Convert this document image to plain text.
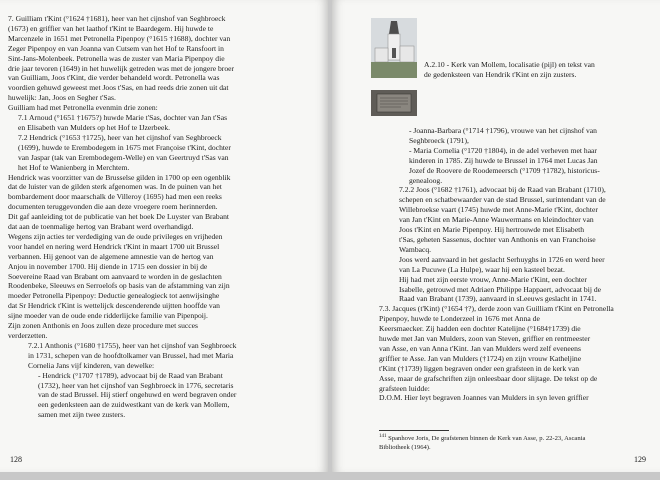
7. Guilliam t'Kint (°1624 †1681), heer van het cijnshof van Seghbroeck
(1673) en griffier van het laathof t'Kint te Baardegem. Hij huwde te
Marcenzele in 1651 met Petronella Pipenpoy (°1615 †1688), dochter van
Zeger Pipenpoy en van Joanna van Cutsem van het Hof te Ransfoort in
Sint-Jans-Molenbeek. Petronella was de zuster van Maria Pipenpoy die
drie jaar tevoren (1649) in het huwelijk getreden was met de jongere broer
van Guilliam, Joos t'Kint, die verder behandeld wordt. Petronella was
voordien gehuwd geweest met Joos t'Sas, en had reeds drie zonen uit dat
huwelijk: Jan, Joos en Segher t'Sas.
Guilliam had met Petronella evenmin drie zonen:

7.1 Arnoud (°1651 †1675?) huwde Marie t'Sas, dochter van Jan t'Sas
en Elisabeth van Mulders op het Hof te IJzerbeek.

7.2 Hendrick (°1653 †1725), heer van het cijnshof van Seghbroeck
(1699), huwde te Erembodegem in 1675 met Françoise t'Kint, dochter
van Jaspar (tak van Erembodegem-Welle) en van Geertruyd t'Sas van
het Hof te Wanienberg in Merchtem.

Hendrick was voorzitter van de Brusselse gilden in 1700 op een ogenblik
dat de luister van de gilden sterk afgenomen was. In de puinen van het
bombardement door maarschalk de Villeroy (1695) had men een reeks
documenten teruggevonden die aan deze vroegere roem herinnerden.
Dit gaf aanleiding tot de publicatie van het boek De Luyster van Brabant
dat aan de toenmalige hertog van Brabant werd overhandigd.
Wegens zijn acties ter verdediging van de oude privileges en vrijheden
voor handel en nering werd Hendrick t'Kint in maart 1700 uit Brussel
verbannen. Hij genoot van de algemene amnestie van de hertog van
Anjou in november 1700. Hij diende in 1715 een dossier in bij de
Soevereine Raad van Brabant om aanvaard te worden in de geslachten
Roodenbeke, Sleeuws en Serroelofs op basis van de afstamming van zijn
moeder Petronella Pipenpoy: Deductie genealogieck tot aenwijsinghe
dat Sr Hendrick t'Kint is wettelijck descenderende uijtten hooffde van
sijne moeder van de oude ende ridderlijcke familie van Pipenpoij.
Zijn zonen Anthonis en Joos zullen deze procedure met succes
verderzetten.

7.2.1 Anthonis (°1680 †1755), heer van het cijnshof van Seghbroeck
in 1731, schepen van de hoofdtolkamer van Brussel, had met Maria
Cornelia Jans vijf kinderen, van dewelke:

- Hendrick (°1707 †1789), advocaat bij de Raad van Brabant
(1732), heer van het cijnshof van Seghbroeck in 1776, secretaris
van de stad Brussel. Hij stierf ongehuwd en werd begraven onder
een gedenksteen aan de zuidwestkant van de kerk van Mollem,
samen met zijn twee zusters.

128
A.2.10 - Kerk van Mollem, localisatie (pijl) en tekst van
de gedenksteen van Hendrik t'Kint en zijn zusters.

- Joanna-Barbara (°1714 †1796), vrouwe van het cijnshof van
Seghbroeck (1791),

- Maria Cornelia (°1720 †1804), in de adel verheven met haar
kinderen in 1785. Zij huwde te Brussel in 1764 met Lucas Jan
Jozef de Roovere de Roodemeersch (°1709 †1782), historicus-
genealoog.

7.2.2 Joos (°1682 †1761), advocaat bij de Raad van Brabant (1710),
schepen en schatbewaarder van de stad Brussel, surintendant van de
Willebroekse vaart (1745) huwde met Anne-Marie t'Kint, dochter
van Jan t'Kint en Marie-Anne Wauwermans en kleindochter van
Joos t'Kint en Marie Pipenpoy. Hij hertrouwde met Elisabeth
t'Sas, geheten Sassenus, dochter van Anthonis en van Franchoise
Wambacq.
Joos werd aanvaard in het geslacht Serhuyghs in 1726 en werd heer
van La Pucuwe (La Hulpe), waar hij een kasteel bezat.
Hij had met zijn eerste vrouw, Anne-Marie t'Kint, een dochter
Isabelle, getrouwd met Adriaen Philippe Happaert, advocaat bij de
Raad van Brabant (1739), aanvaard in sLeeuws geslacht in 1741.

7.3. Jacques (t'Kint) (°1654 †?), derde zoon van Guilliam t'Kint en Petronella
Pipenpoy, huwde te Londerzeel in 1676 met Anna de
Keersmaecker. Zij hadden een dochter Katelijne (°1684†1739) die
huwde met Jan van Mulders, zoon van Steven, griffier en rentmeester
van Asse, en van Anna t'Kint. Jan van Mulders werd zelf eveneens
griffier te Asse. Jan van Mulders (†1724) en zijn vrouw Katheljine
t'Kint (†1739) liggen begraven onder een grafsteen in de kerk van
Asse, maar de grafschriften zijn onleesbaar door slijtage. De tekst op de
grafsteen luidde:
D.O.M. Hier leyt begraven Joannes van Mulders in syn leven griffier

$^{141}$ Spanhove Joris, De grafstenen binnen de Kerk van Asse, p. 22-23, Ascania
Bibliotheek (1964).
129
